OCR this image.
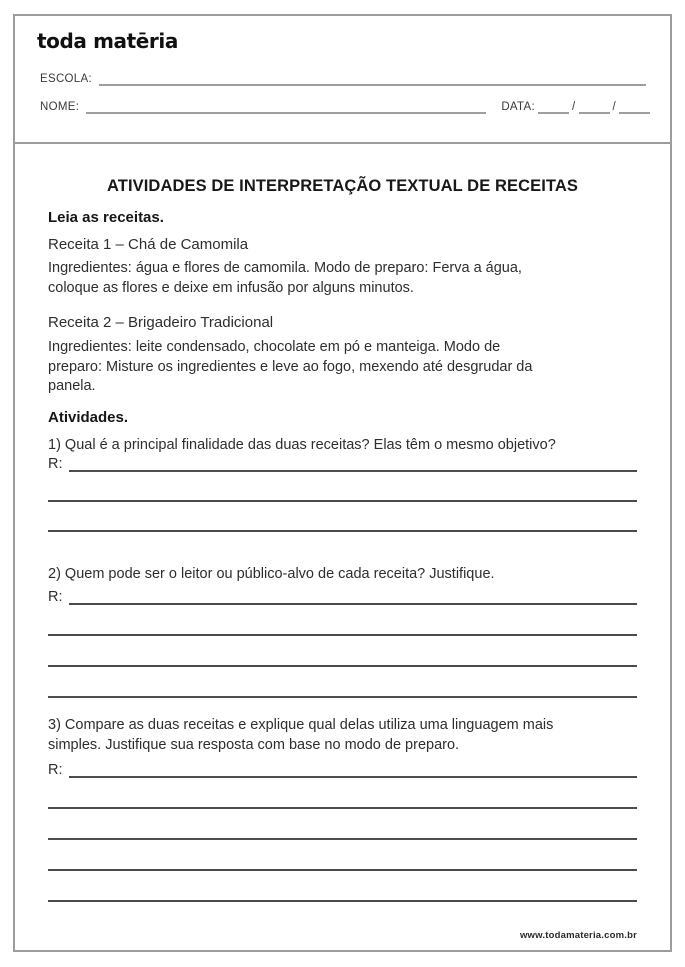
toda matēria
ESCOLA:
NOME:	DATA:	/	/
ATIVIDADES DE INTERPRETAÇÃO TEXTUAL DE RECEITAS
Leia as receitas.
Receita 1 – Chá de Camomila
Ingredientes: água e flores de camomila. Modo de preparo: Ferva a água,
coloque as flores e deixe em infusão por alguns minutos.
Receita 2 – Brigadeiro Tradicional
Ingredientes: leite condensado, chocolate em pó e manteiga. Modo de
preparo: Misture os ingredientes e leve ao fogo, mexendo até desgrudar da
panela.
Atividades.
1) Qual é a principal finalidade das duas receitas? Elas têm o mesmo objetivo?
R:
2) Quem pode ser o leitor ou público-alvo de cada receita? Justifique.
R:
3) Compare as duas receitas e explique qual delas utiliza uma linguagem mais
simples. Justifique sua resposta com base no modo de preparo.
R:
www.todamateria.com.br
